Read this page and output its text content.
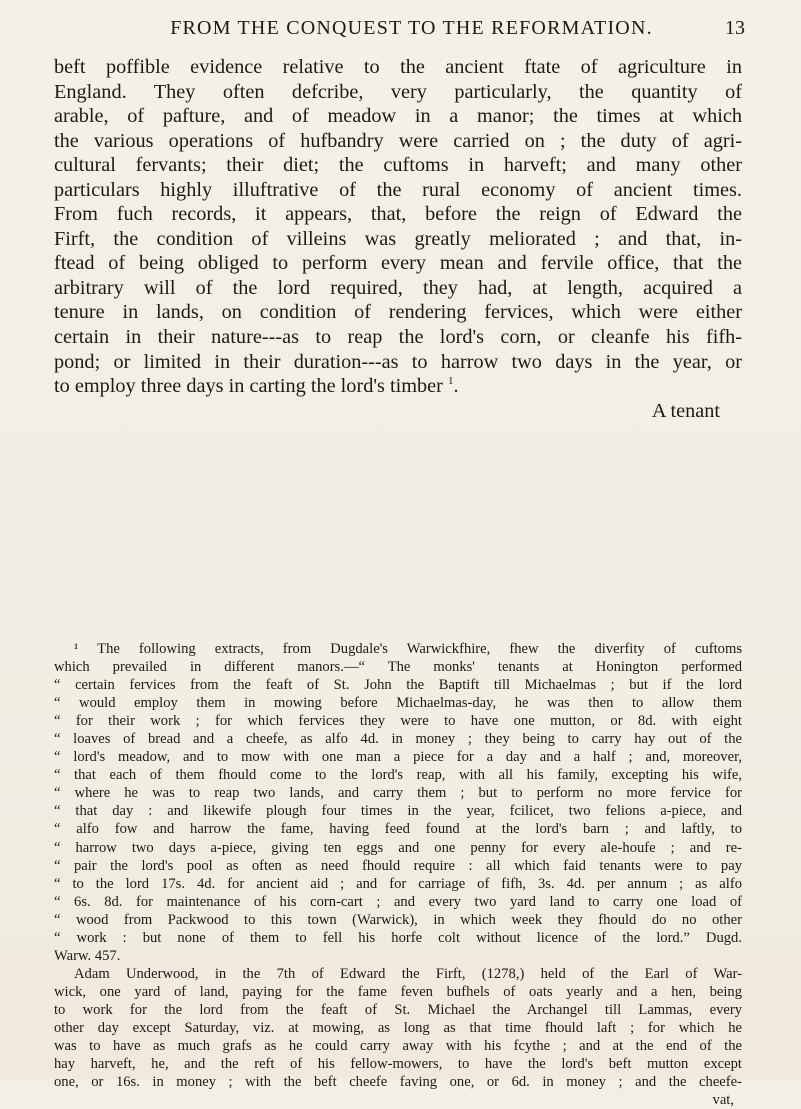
FROM THE CONQUEST TO THE REFORMATION.	13
beft poffible evidence relative to the ancient ftate of agriculture in
England. They often defcribe, very particularly, the quantity of
arable, of pafture, and of meadow in a manor; the times at which
the various operations of hufbandry were carried on ; the duty of agri-
cultural fervants; their diet; the cuftoms in harveft; and many other
particulars highly illuftrative of the rural economy of ancient times.
From fuch records, it appears, that, before the reign of Edward the
Firft, the condition of villeins was greatly meliorated ; and that, in-
ftead of being obliged to perform every mean and fervile office, that the
arbitrary will of the lord required, they had, at length, acquired a
tenure in lands, on condition of rendering fervices, which were either
certain in their nature---as to reap the lord's corn, or cleanfe his fifh-
pond; or limited in their duration---as to harrow two days in the year, or
to employ three days in carting the lord's timber $^1$.
A tenant
¹ The following extracts, from Dugdale's Warwickfhire, fhew the diverfity of cuftoms
which prevailed in different manors.—“ The monks' tenants at Honington performed
“ certain fervices from the feaft of St. John the Baptift till Michaelmas ; but if the lord
“ would employ them in mowing before Michaelmas-day, he was then to allow them
“ for their work ; for which fervices they were to have one mutton, or 8d. with eight
“ loaves of bread and a cheefe, as alfo 4d. in money ; they being to carry hay out of the
“ lord's meadow, and to mow with one man a piece for a day and a half ; and, moreover,
“ that each of them fhould come to the lord's reap, with all his family, excepting his wife,
“ where he was to reap two lands, and carry them ; but to perform no more fervice for
“ that day : and likewife plough four times in the year, fcilicet, two felions a-piece, and
“ alfo fow and harrow the fame, having feed found at the lord's barn ; and laftly, to
“ harrow two days a-piece, giving ten eggs and one penny for every ale-houfe ; and re-
“ pair the lord's pool as often as need fhould require : all which faid tenants were to pay
“ to the lord 17s. 4d. for ancient aid ; and for carriage of fifh, 3s. 4d. per annum ; as alfo
“ 6s. 8d. for maintenance of his corn-cart ; and every two yard land to carry one load of
“ wood from Packwood to this town (Warwick), in which week they fhould do no other
“ work : but none of them to fell his horfe colt without licence of the lord.” Dugd.
Warw. 457.
Adam Underwood, in the 7th of Edward the Firft, (1278,) held of the Earl of War-
wick, one yard of land, paying for the fame feven bufhels of oats yearly and a hen, being
to work for the lord from the feaft of St. Michael the Archangel till Lammas, every
other day except Saturday, viz. at mowing, as long as that time fhould laft ; for which he
was to have as much grafs as he could carry away with his fcythe ; and at the end of the
hay harveft, he, and the reft of his fellow-mowers, to have the lord's beft mutton except
one, or 16s. in money ; with the beft cheefe faving one, or 6d. in money ; and the cheefe-
vat,
